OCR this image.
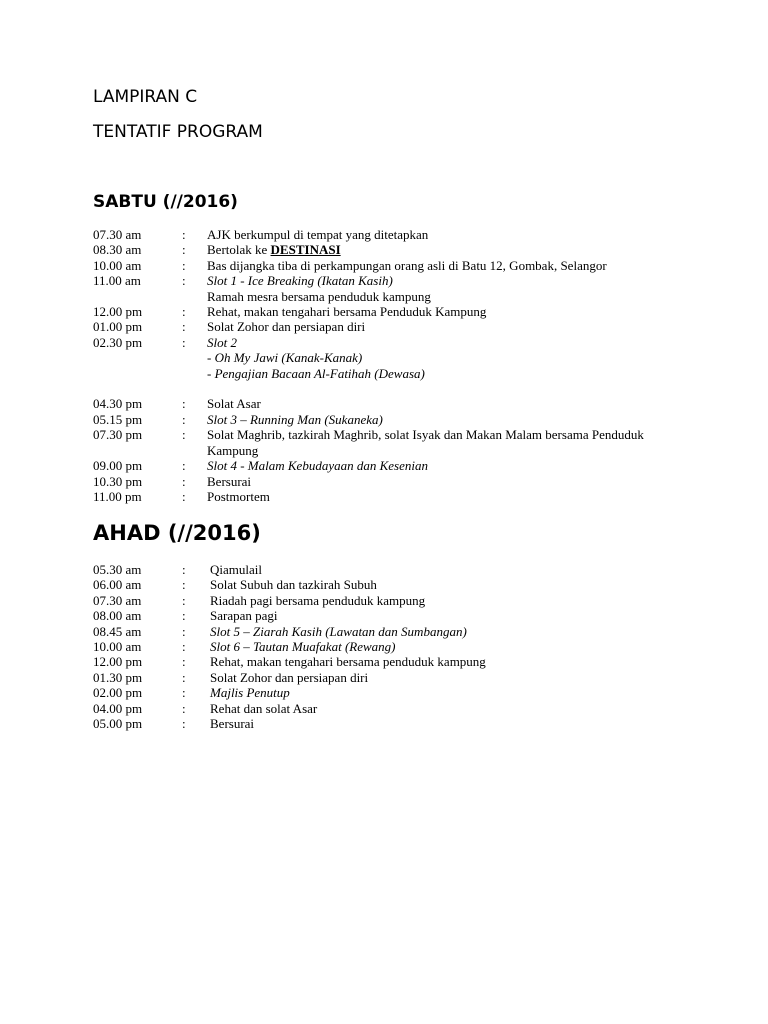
LAMPIRAN C
TENTATIF PROGRAM
SABTU (//2016)
07.30 am	: AJK berkumpul di tempat yang ditetapkan
08.30 am	: Bertolak ke DESTINASI
10.00 am	: Bas dijangka tiba di perkampungan orang asli di Batu 12, Gombak, Selangor
11.00 am	: Slot 1 - Ice Breaking (Ikatan Kasih)
Ramah mesra bersama penduduk kampung
12.00 pm	: Rehat, makan tengahari bersama Penduduk Kampung
01.00 pm	: Solat Zohor dan persiapan diri
02.30 pm	: Slot 2
- Oh My Jawi (Kanak-Kanak)
- Pengajian Bacaan Al-Fatihah (Dewasa)

04.30 pm	: Solat Asar
05.15 pm	: Slot 3 – Running Man (Sukaneka)
07.30 pm	: Solat Maghrib, tazkirah Maghrib, solat Isyak dan Makan Malam bersama Penduduk
Kampung
09.00 pm	: Slot 4 - Malam Kebudayaan dan Kesenian
10.30 pm	: Bersurai
11.00 pm	: Postmortem
AHAD (//2016)
05.30 am	: Qiamulail
06.00 am	: Solat Subuh dan tazkirah Subuh
07.30 am	: Riadah pagi bersama penduduk kampung
08.00 am	: Sarapan pagi
08.45 am	: Slot 5 – Ziarah Kasih (Lawatan dan Sumbangan)
10.00 am	: Slot 6 – Tautan Muafakat (Rewang)
12.00 pm	: Rehat, makan tengahari bersama penduduk kampung
01.30 pm	: Solat Zohor dan persiapan diri
02.00 pm	: Majlis Penutup
04.00 pm	: Rehat dan solat Asar
05.00 pm	: Bersurai
